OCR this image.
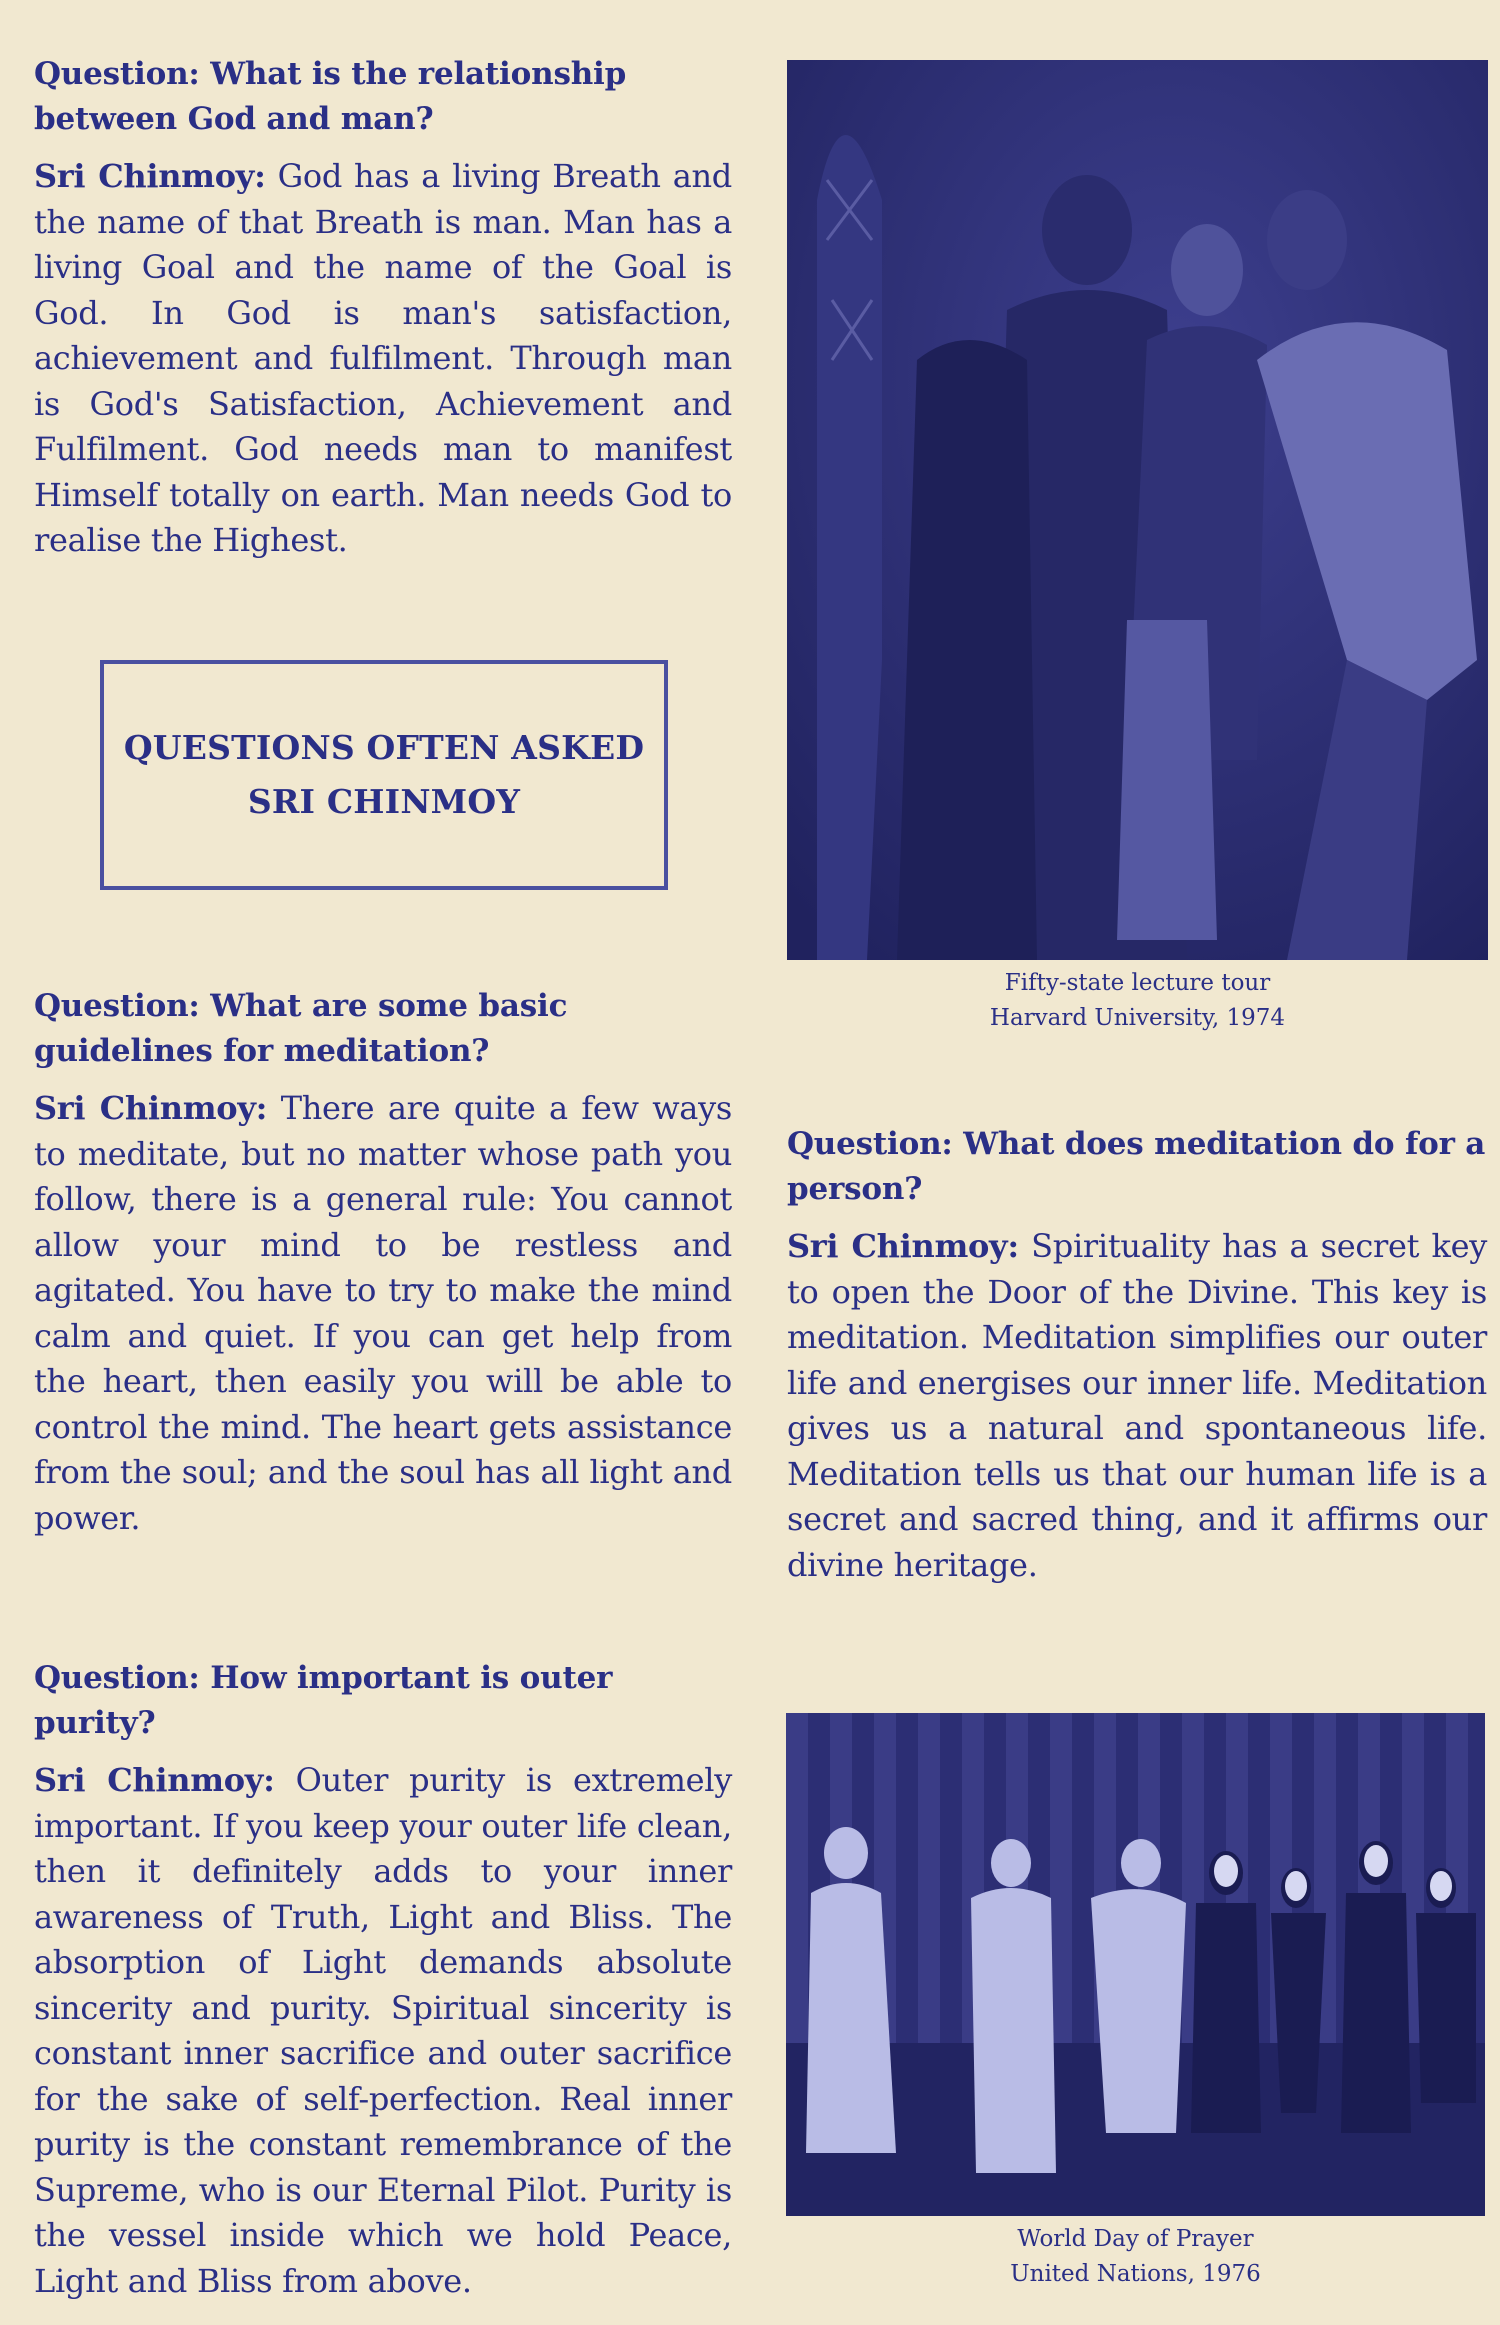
Question: What is the relationship between God and man?

Sri Chinmoy: God has a living Breath and the name of that Breath is man. Man has a living Goal and the name of the Goal is God. In God is man's satisfaction, achievement and fulfilment. Through man is God's Satisfaction, Achievement and Fulfilment. God needs man to manifest Himself totally on earth. Man needs God to realise the Highest.

QUESTIONS OFTEN ASKED
SRI CHINMOY

Question: What are some basic guidelines for meditation?

Sri Chinmoy: There are quite a few ways to meditate, but no matter whose path you follow, there is a general rule: You cannot allow your mind to be restless and agitated. You have to try to make the mind calm and quiet. If you can get help from the heart, then easily you will be able to control the mind. The heart gets assistance from the soul; and the soul has all light and power.

Question: How important is outer purity?

Sri Chinmoy: Outer purity is extremely important. If you keep your outer life clean, then it definitely adds to your inner awareness of Truth, Light and Bliss. The absorption of Light demands absolute sincerity and purity. Spiritual sincerity is constant inner sacrifice and outer sacrifice for the sake of self-perfection. Real inner purity is the constant remembrance of the Supreme, who is our Eternal Pilot. Purity is the vessel inside which we hold Peace, Light and Bliss from above.

Fifty-state lecture tour
Harvard University, 1974

Question: What does meditation do for a person?

Sri Chinmoy: Spirituality has a secret key to open the Door of the Divine. This key is meditation. Meditation simplifies our outer life and energises our inner life. Meditation gives us a natural and spontaneous life. Meditation tells us that our human life is a secret and sacred thing, and it affirms our divine heritage.

World Day of Prayer
United Nations, 1976
